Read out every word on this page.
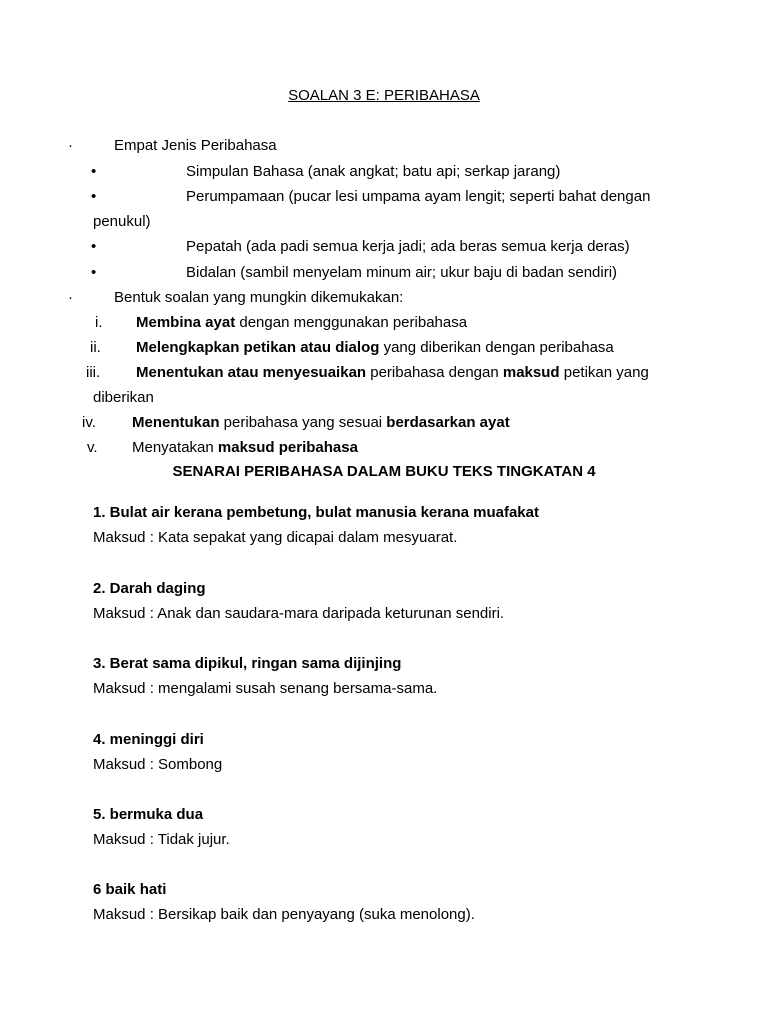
SOALAN 3 E: PERIBAHASA
·	Empat Jenis Peribahasa
•	Simpulan Bahasa (anak angkat; batu api; serkap jarang)
•	Perumpamaan (pucar lesi umpama ayam lengit; seperti bahat dengan
penukul)
•	Pepatah (ada padi semua kerja jadi; ada beras semua kerja deras)
•	Bidalan (sambil menyelam minum air; ukur baju di badan sendiri)
·	Bentuk soalan yang mungkin dikemukakan:
i. Membina ayat dengan menggunakan peribahasa
ii. Melengkapkan petikan atau dialog yang diberikan dengan peribahasa
iii. Menentukan atau menyesuaikan peribahasa dengan maksud petikan yang
diberikan
iv. Menentukan peribahasa yang sesuai berdasarkan ayat
v. Menyatakan maksud peribahasa
SENARAI PERIBAHASA DALAM BUKU TEKS TINGKATAN 4
1. Bulat air kerana pembetung, bulat manusia kerana muafakat
Maksud : Kata sepakat yang dicapai dalam mesyuarat.
2. Darah daging
Maksud : Anak dan saudara-mara daripada keturunan sendiri.
3. Berat sama dipikul, ringan sama dijinjing
Maksud : mengalami susah senang bersama-sama.
4. meninggi diri
Maksud : Sombong
5. bermuka dua
Maksud : Tidak jujur.
6 baik hati
Maksud : Bersikap baik dan penyayang (suka menolong).
